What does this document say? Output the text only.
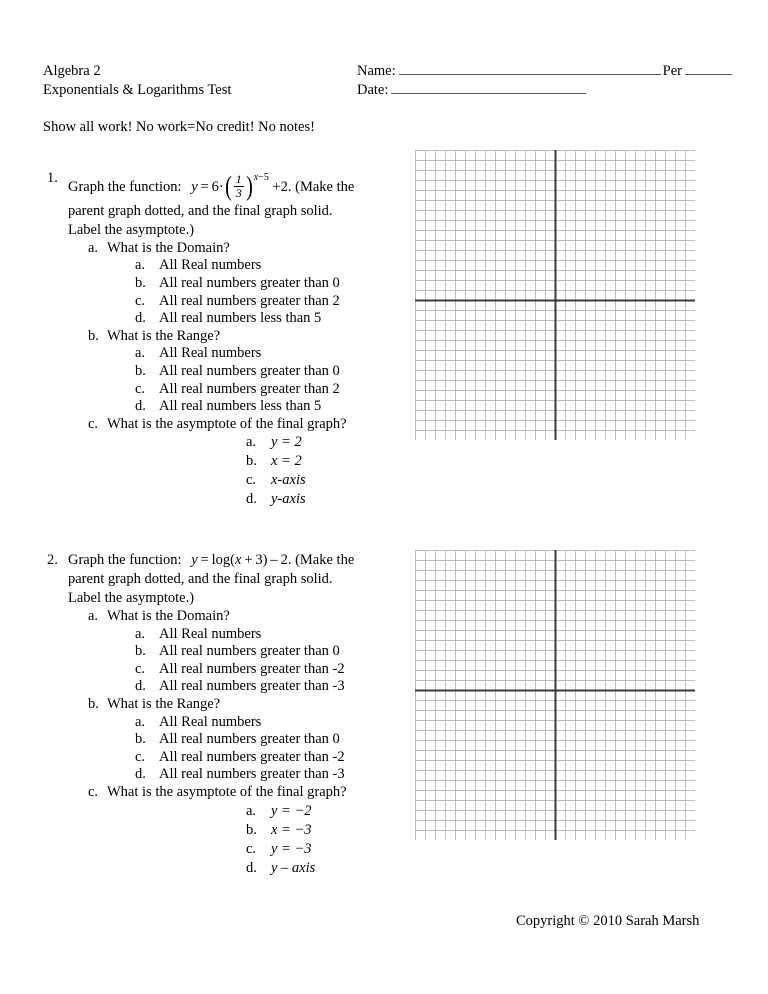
Algebra 2
Exponentials & Logarithms Test
Name:	Per
Date:
Show all work! No work=No credit! No notes!
1.
Graph the function: $y = 6\cdot( \frac{1}{3} )^{x-5} +2$. (Make the
parent graph dotted, and the final graph solid.
Label the asymptote.)
a. What is the Domain?
a. All Real numbers
b. All real numbers greater than 0
c. All real numbers greater than 2
d. All real numbers less than 5
b. What is the Range?
a. All Real numbers
b. All real numbers greater than 0
c. All real numbers greater than 2
d. All real numbers less than 5
c. What is the asymptote of the final graph?
a. y = 2
b. x = 2
c. x-axis
d. y-axis
2. Graph the function: y  =  log(x  +  3)  –  2. (Make the
parent graph dotted, and the final graph solid.
Label the asymptote.)
a. What is the Domain?
a. All Real numbers
b. All real numbers greater than 0
c. All real numbers greater than -2
d. All real numbers greater than -3
b. What is the Range?
a. All Real numbers
b. All real numbers greater than 0
c. All real numbers greater than -2
d. All real numbers greater than -3
c. What is the asymptote of the final graph?
a. y = −2
b. x = −3
c. y = −3
d. y – axis
Copyright © 2010 Sarah Marsh
